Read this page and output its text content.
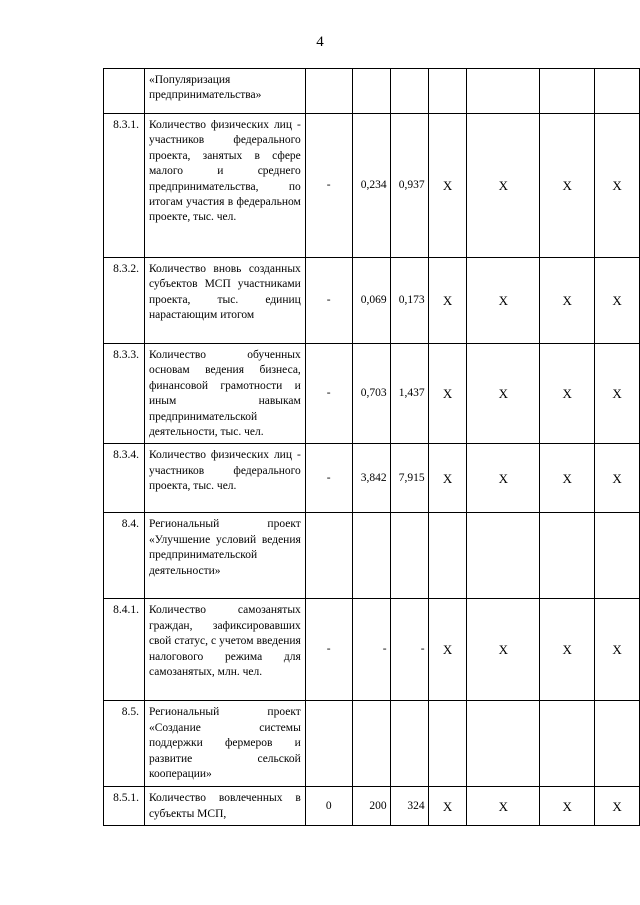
4
	«Популяризация предпринимательства»							
8.3.1.	Количество физических лиц - участников федерального проекта, занятых в сфере малого и среднего предпринимательства, по итогам участия в федеральном проекте, тыс. чел.	-	0,234	0,937	X	X	X	X
8.3.2.	Количество вновь созданных субъектов МСП участниками проекта, тыс. единиц нарастающим итогом	-	0,069	0,173	X	X	X	X
8.3.3.	Количество обученных основам ведения бизнеса, финансовой грамотности и иным навыкам предпринимательской деятельности, тыс. чел.	-	0,703	1,437	X	X	X	X
8.3.4.	Количество физических лиц - участников федерального проекта, тыс. чел.	-	3,842	7,915	X	X	X	X
8.4.	Региональный проект «Улучшение условий ведения предпринимательской деятельности»							
8.4.1.	Количество самозанятых граждан, зафиксировавших свой статус, с учетом введения налогового режима для самозанятых, млн. чел.	-	-	-	X	X	X	X
8.5.	Региональный проект «Создание системы поддержки фермеров и развитие сельской кооперации»							
8.5.1.	Количество вовлеченных в субъекты МСП,	0	200	324	X	X	X	X
